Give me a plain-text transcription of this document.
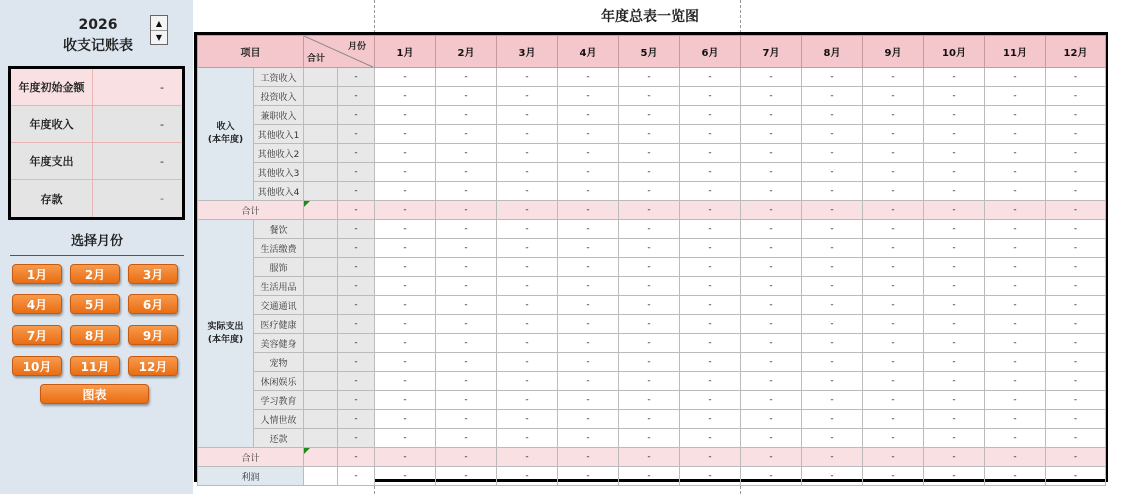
2026
收支记账表
▲
▼
年度初始金额	-
年度收入	-
年度支出	-
存款	-
选择月份
1月	2月	3月
4月	5月	6月
7月	8月	9月
10月	11月	12月
图表
年度总表一览图
项目		月份
合计		1月	2月	3月	4月	5月	6月	7月	8月	9月	10月	11月	12月
收入
(本年度)	工资收入		-	-	-	-	-	-	-	-	-	-	-	-	-
	投资收入		-	-	-	-	-	-	-	-	-	-	-	-	-
	兼职收入		-	-	-	-	-	-	-	-	-	-	-	-	-
	其他收入1		-	-	-	-	-	-	-	-	-	-	-	-	-
	其他收入2		-	-	-	-	-	-	-	-	-	-	-	-	-
	其他收入3		-	-	-	-	-	-	-	-	-	-	-	-	-
	其他收入4		-	-	-	-	-	-	-	-	-	-	-	-	-
合计			-	-	-	-	-	-	-	-	-	-	-	-	-
实际支出
(本年度)	餐饮		-	-	-	-	-	-	-	-	-	-	-	-	-
	生活缴费		-	-	-	-	-	-	-	-	-	-	-	-	-
	服饰		-	-	-	-	-	-	-	-	-	-	-	-	-
	生活用品		-	-	-	-	-	-	-	-	-	-	-	-	-
	交通通讯		-	-	-	-	-	-	-	-	-	-	-	-	-
	医疗健康		-	-	-	-	-	-	-	-	-	-	-	-	-
	美容健身		-	-	-	-	-	-	-	-	-	-	-	-	-
	宠物		-	-	-	-	-	-	-	-	-	-	-	-	-
	休闲娱乐		-	-	-	-	-	-	-	-	-	-	-	-	-
	学习教育		-	-	-	-	-	-	-	-	-	-	-	-	-
	人情世故		-	-	-	-	-	-	-	-	-	-	-	-	-
	还款		-	-	-	-	-	-	-	-	-	-	-	-	-
合计			-	-	-	-	-	-	-	-	-	-	-	-	-
利润			-	-	-	-	-	-	-	-	-	-	-	-	-
